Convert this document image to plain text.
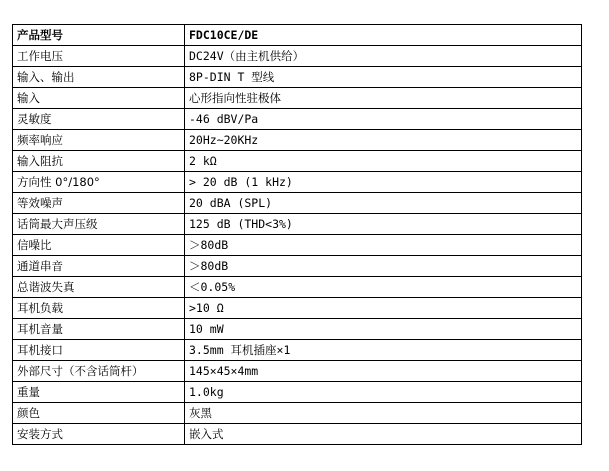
产品型号	FDC10CE/DE
工作电压	DC24V（由主机供给）
输入、输出	8P-DIN T 型线
输入	心形指向性驻极体
灵敏度	-46 dBV/Pa
频率响应	20Hz~20KHz
输入阻抗	2 kΩ
方向性 0°/180°	> 20 dB (1 kHz)
等效噪声	20 dBA (SPL)
话筒最大声压级	125 dB (THD<3%)
信噪比	＞80dB
通道串音	＞80dB
总谐波失真	＜0.05%
耳机负载	>10 Ω
耳机音量	10 mW
耳机接口	3.5mm 耳机插座×1
外部尺寸（不含话筒杆）	145×45×4mm
重量	1.0kg
颜色	灰黑
安装方式	嵌入式
